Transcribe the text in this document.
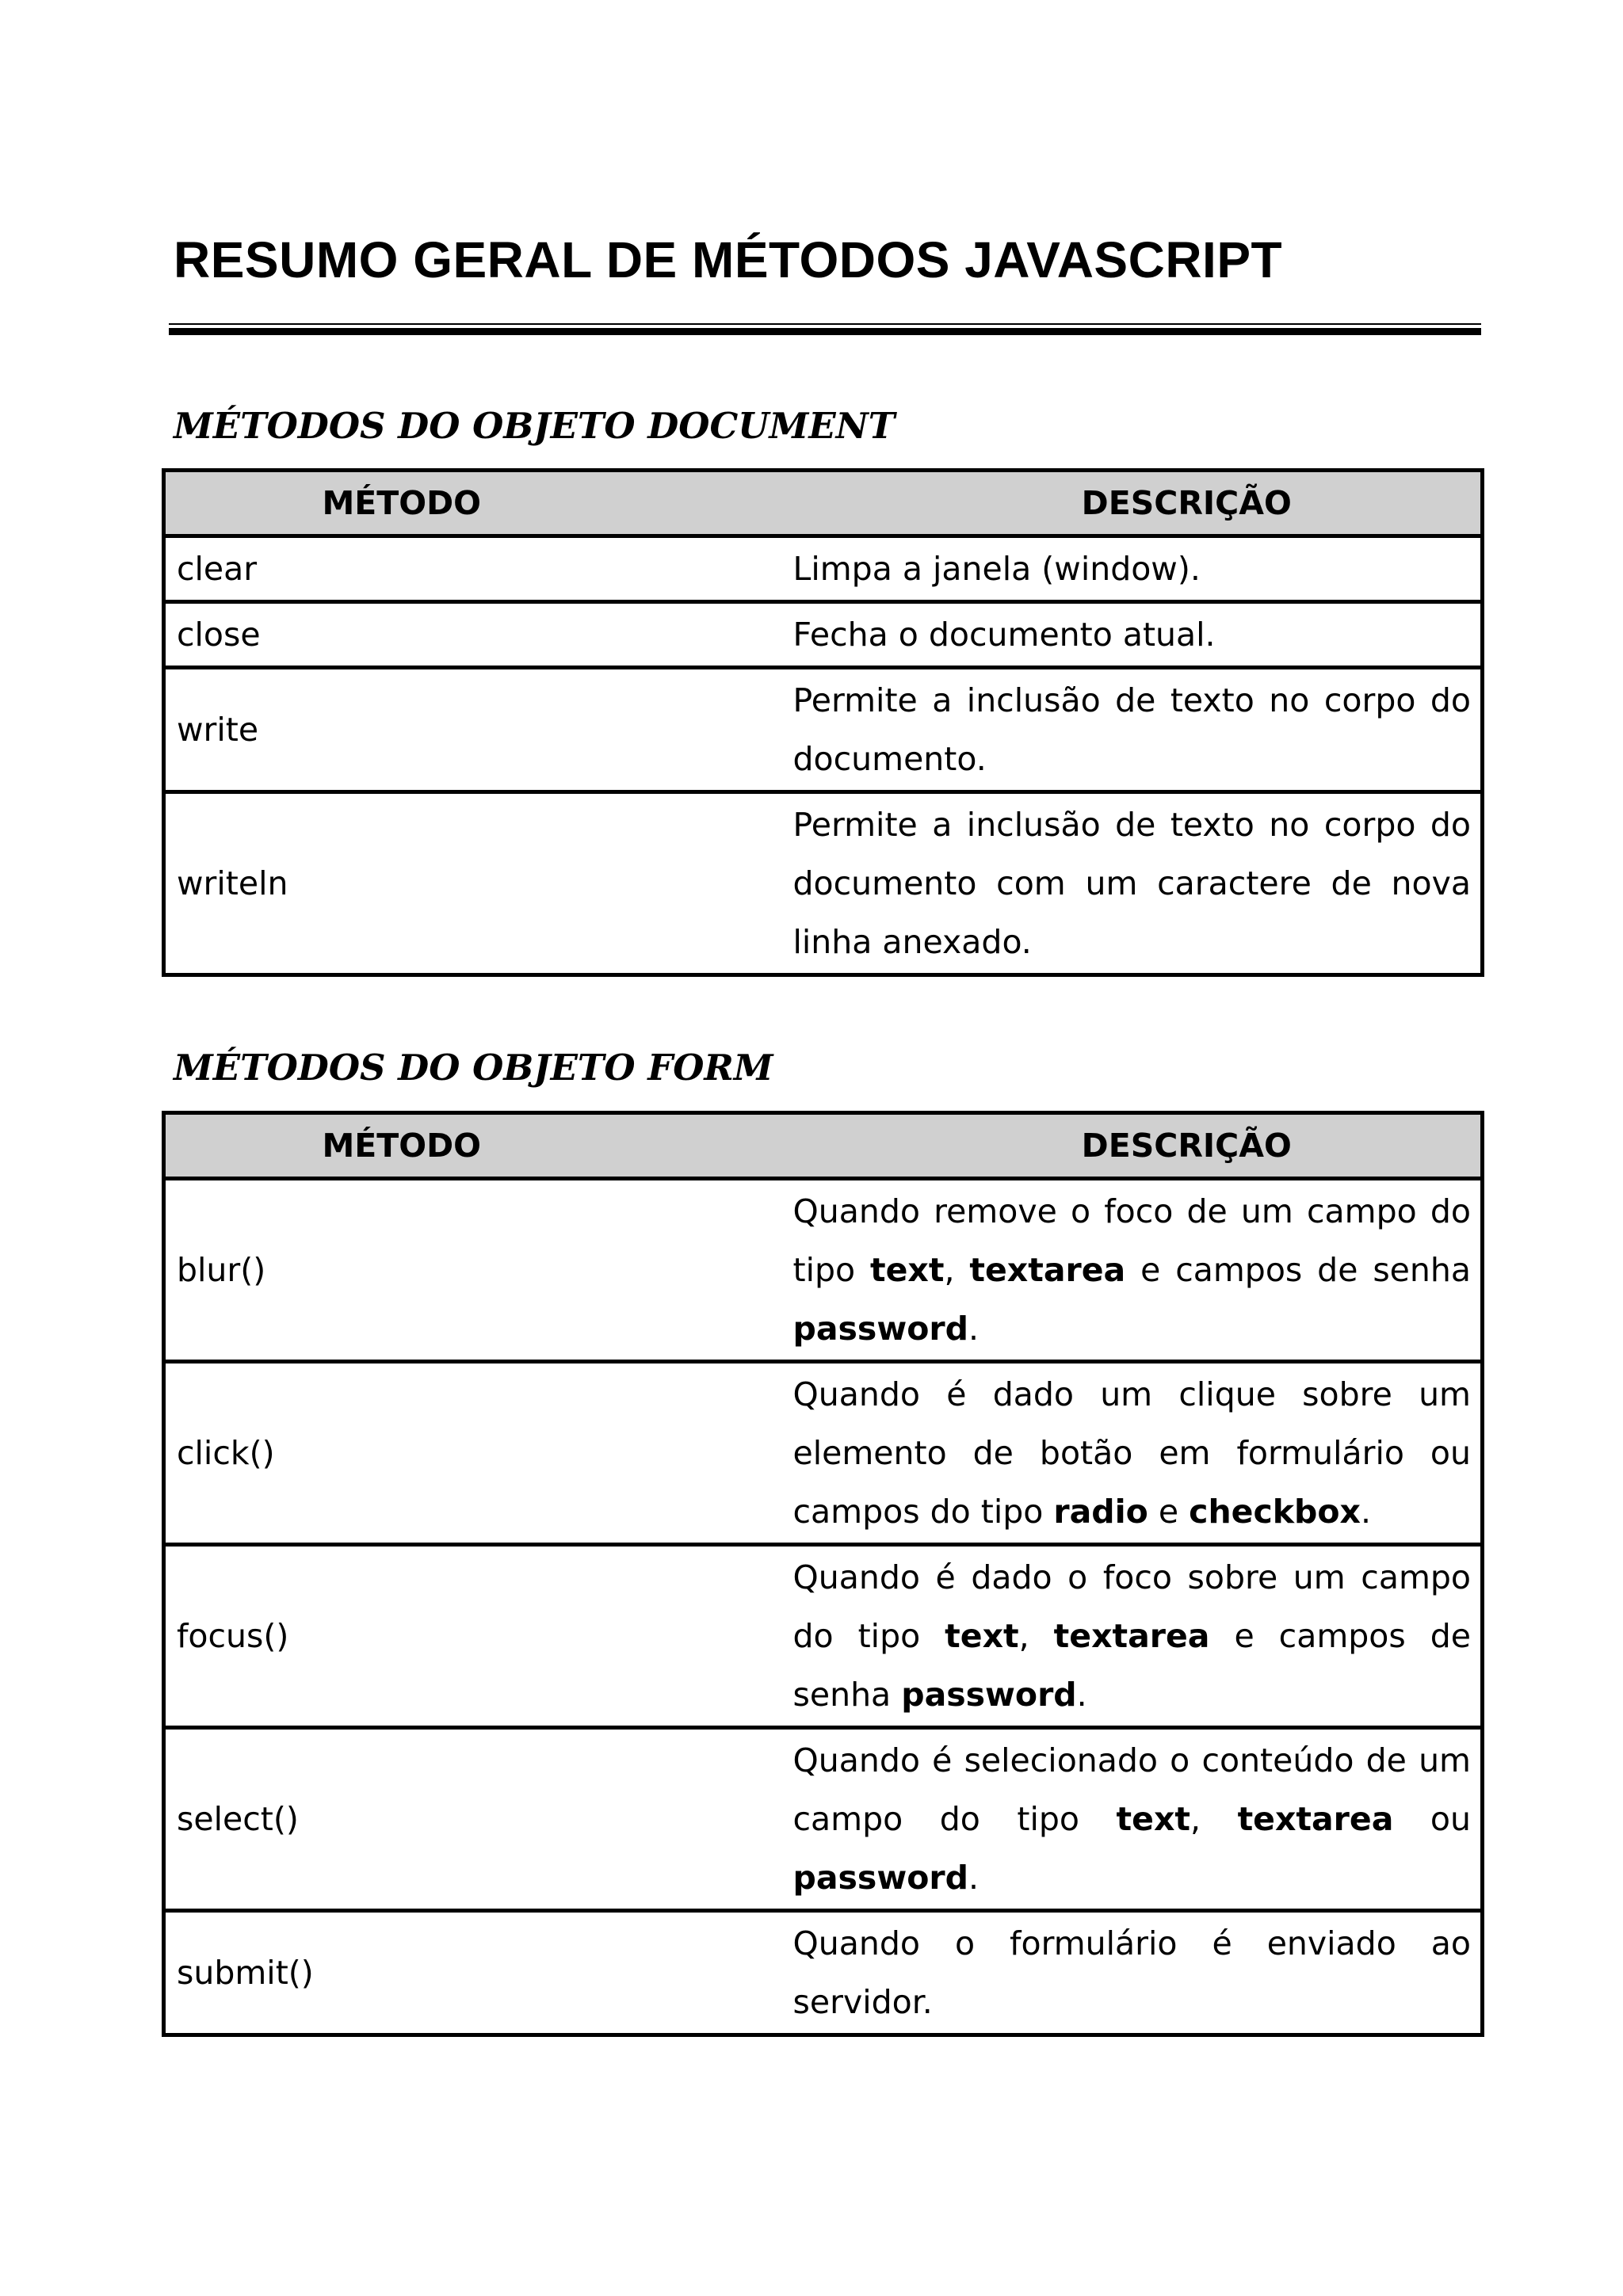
RESUMO GERAL DE MÉTODOS JAVASCRIPT
MÉTODOS DO OBJETO DOCUMENT
MÉTODO	DESCRIÇÃO
clear	Limpa a janela (window).

close	Fecha o documento atual.

write	Permite a inclusão de texto no corpo do documento.

writeln	Permite a inclusão de texto no corpo do documento com um caractere de nova linha anexado.
MÉTODOS DO OBJETO FORM
MÉTODO	DESCRIÇÃO
blur()	Quando remove o foco de um campo do tipo text, textarea e campos de senha password.

click()	Quando é dado um clique sobre um elemento de botão em formulário ou campos do tipo radio e checkbox.

focus()	Quando é dado o foco sobre um campo do tipo text, textarea e campos de senha password.

select()	Quando é selecionado o conteúdo de um campo do tipo text, textarea ou password.

submit()	Quando o formulário é enviado ao servidor.
